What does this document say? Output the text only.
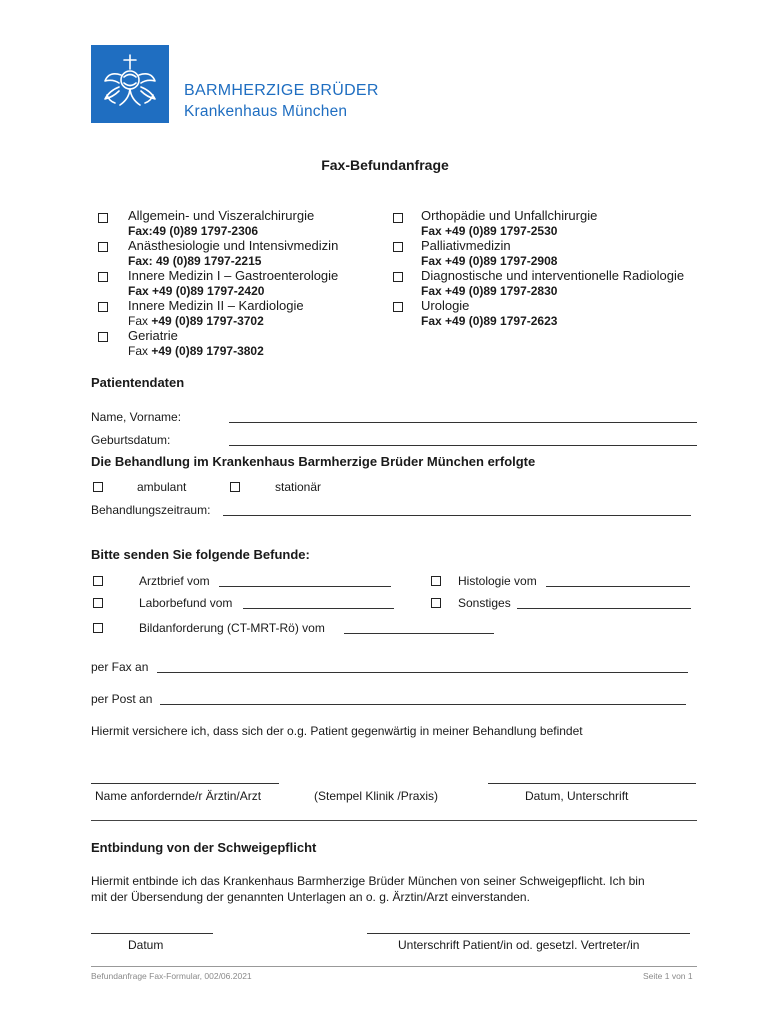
BARMHERZIGE BRÜDER
Krankenhaus München
Fax-Befundanfrage
Allgemein- und Viszeralchirurgie
Fax:49 (0)89 1797-2306
Anästhesiologie und Intensivmedizin
Fax: 49 (0)89 1797-2215
Innere Medizin I – Gastroenterologie
Fax +49 (0)89 1797-2420
Innere Medizin II – Kardiologie
Fax +49 (0)89 1797-3702
Geriatrie
Fax +49 (0)89 1797-3802
Orthopädie und Unfallchirurgie
Fax +49 (0)89 1797-2530
Palliativmedizin
Fax +49 (0)89 1797-2908
Diagnostische und interventionelle Radiologie
Fax +49 (0)89 1797-2830
Urologie
Fax +49 (0)89 1797-2623
Patientendaten
Name, Vorname:
Geburtsdatum:
Die Behandlung im Krankenhaus Barmherzige Brüder München erfolgte
ambulant	stationär
Behandlungszeitraum:
Bitte senden Sie folgende Befunde:
Arztbrief vom	Histologie vom
Laborbefund vom	Sonstiges
Bildanforderung (CT-MRT-Rö) vom
per Fax an
per Post an
Hiermit versichere ich, dass sich der o.g. Patient gegenwärtig in meiner Behandlung befindet
Name anfordernde/r Ärztin/Arzt	(Stempel Klinik /Praxis)	Datum, Unterschrift
Entbindung von der Schweigepflicht
Hiermit entbinde ich das Krankenhaus Barmherzige Brüder München von seiner Schweigepflicht. Ich bin
mit der Übersendung der genannten Unterlagen an o. g. Ärztin/Arzt einverstanden.
Datum	Unterschrift Patient/in od. gesetzl. Vertreter/in
Befundanfrage Fax-Formular, 002/06.2021	Seite 1 von 1
